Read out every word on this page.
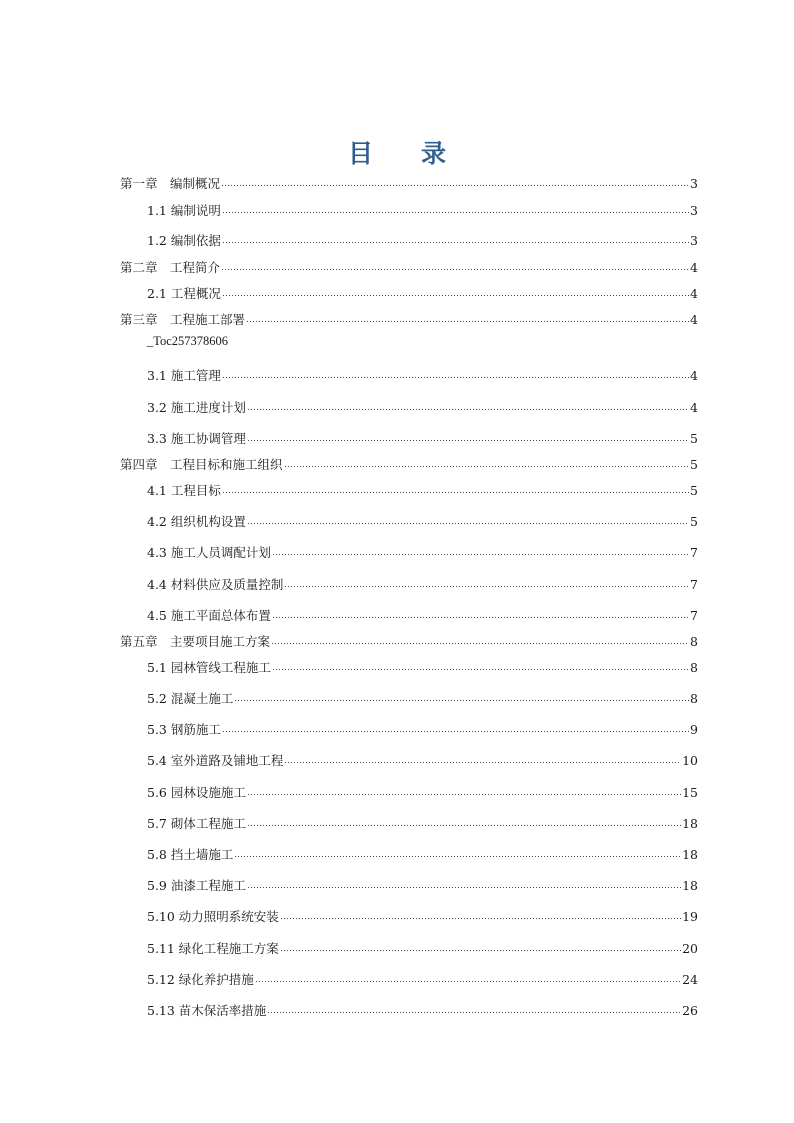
目 录
第一章　编制概况	3
1.1 编制说明	3
1.2 编制依据	3
第二章　工程简介	4
2.1 工程概况	4
第三章　工程施工部署	4
_Toc257378606
3.1 施工管理	4
3.2 施工进度计划	4
3.3 施工协调管理	5
第四章　工程目标和施工组织	5
4.1 工程目标	5
4.2 组织机构设置	5
4.3 施工人员调配计划	7
4.4 材料供应及质量控制	7
4.5 施工平面总体布置	7
第五章　主要项目施工方案	8
5.1 园林管线工程施工	8
5.2 混凝土施工	8
5.3 钢筋施工	9
5.4 室外道路及铺地工程	10
5.6 园林设施施工	15
5.7 砌体工程施工	18
5.8 挡土墙施工	18
5.9 油漆工程施工	18
5.10 动力照明系统安装	19
5.11 绿化工程施工方案	20
5.12 绿化养护措施	24
5.13 苗木保活率措施	26
